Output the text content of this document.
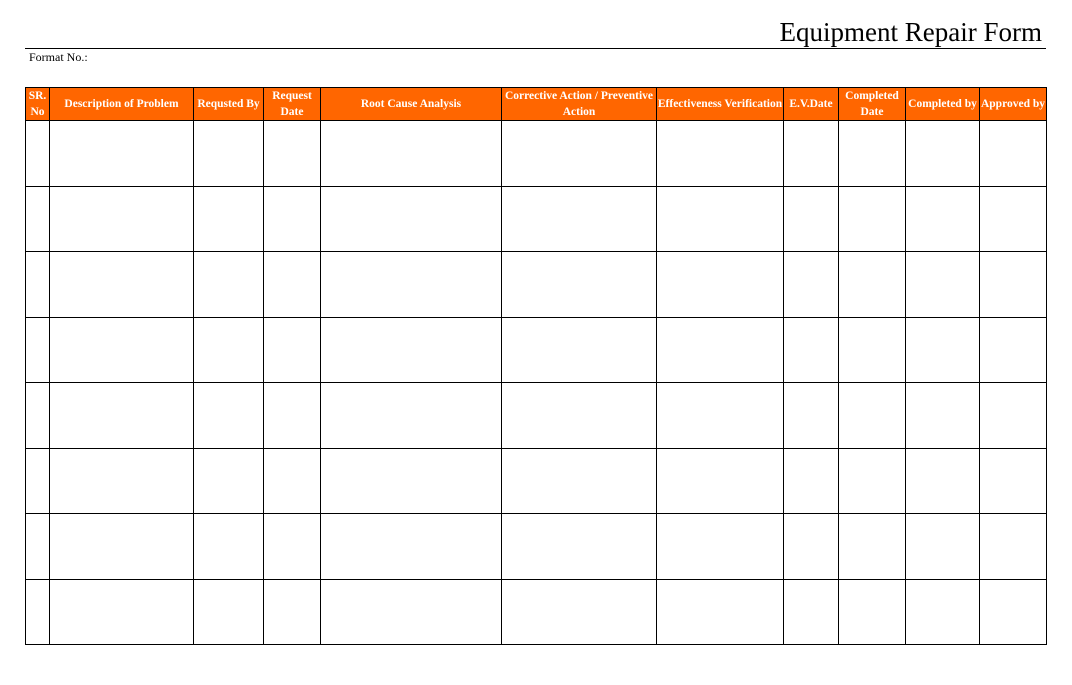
Equipment Repair Form
Format No.:
SR. No	Description of Problem	Requsted By	Request Date	Root Cause Analysis	Corrective Action / Preventive Action	Effectiveness Verification	E.V.Date	Completed Date	Completed by	Approved by
